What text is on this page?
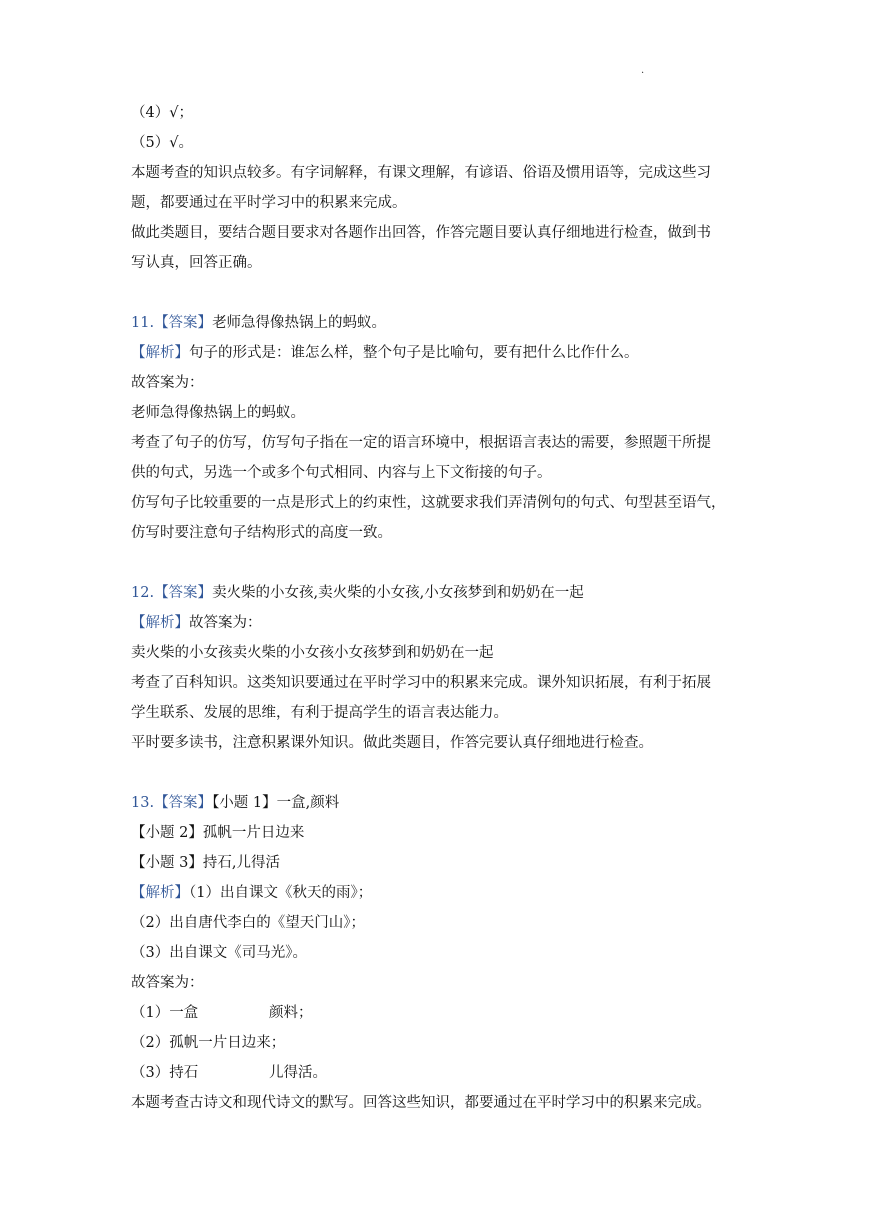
.
（4）√；
（5）√。
本题考查的知识点较多。有字词解释，有课文理解，有谚语、俗语及惯用语等，完成这些习
题，都要通过在平时学习中的积累来完成。
做此类题目，要结合题目要求对各题作出回答，作答完题目要认真仔细地进行检查，做到书
写认真，回答正确。
11.【答案】老师急得像热锅上的蚂蚁。
【解析】句子的形式是：谁怎么样，整个句子是比喻句，要有把什么比作什么。
故答案为：
老师急得像热锅上的蚂蚁。
考查了句子的仿写，仿写句子指在一定的语言环境中，根据语言表达的需要，参照题干所提
供的句式，另选一个或多个句式相同、内容与上下文衔接的句子。
仿写句子比较重要的一点是形式上的约束性，这就要求我们弄清例句的句式、句型甚至语气，
仿写时要注意句子结构形式的高度一致。
12.【答案】卖火柴的小女孩,卖火柴的小女孩,小女孩梦到和奶奶在一起
【解析】故答案为：
卖火柴的小女孩卖火柴的小女孩小女孩梦到和奶奶在一起
考查了百科知识。这类知识要通过在平时学习中的积累来完成。课外知识拓展，有利于拓展
学生联系、发展的思维，有利于提高学生的语言表达能力。
平时要多读书，注意积累课外知识。做此类题目，作答完要认真仔细地进行检查。
13.【答案】【小题 1】一盒,颜料
【小题 2】孤帆一片日边来
【小题 3】持石,儿得活
【解析】（1）出自课文《秋天的雨》；
（2）出自唐代李白的《望天门山》；
（3）出自课文《司马光》。
故答案为：
（1）一盒	颜料；
（2）孤帆一片日边来；
（3）持石	儿得活。
本题考查古诗文和现代诗文的默写。回答这些知识，都要通过在平时学习中的积累来完成。
